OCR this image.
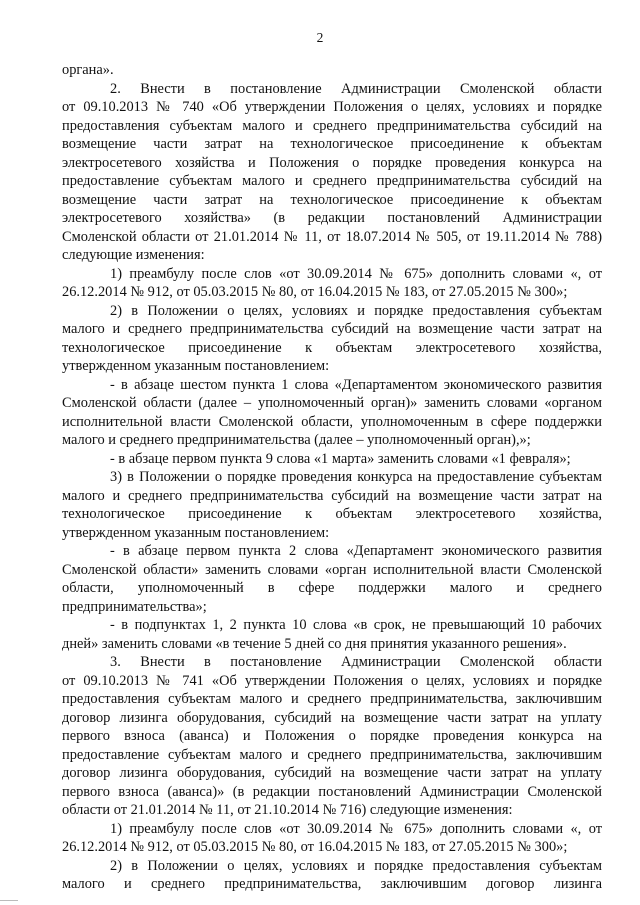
2
органа».
2. Внести в постановление Администрации Смоленской области
от 09.10.2013 № 740 «Об утверждении Положения о целях, условиях и порядке
предоставления субъектам малого и среднего предпринимательства субсидий на
возмещение части затрат на технологическое присоединение к объектам
электросетевого хозяйства и Положения о порядке проведения конкурса на
предоставление субъектам малого и среднего предпринимательства субсидий на
возмещение части затрат на технологическое присоединение к объектам
электросетевого хозяйства» (в редакции постановлений Администрации
Смоленской области от 21.01.2014 № 11, от 18.07.2014 № 505, от 19.11.2014 № 788)
следующие изменения:
1) преамбулу после слов «от 30.09.2014 № 675» дополнить словами «, от
26.12.2014 № 912, от 05.03.2015 № 80, от 16.04.2015 № 183, от 27.05.2015 № 300»;
2) в Положении о целях, условиях и порядке предоставления субъектам
малого и среднего предпринимательства субсидий на возмещение части затрат на
технологическое присоединение к объектам электросетевого хозяйства,
утвержденном указанным постановлением:
- в абзаце шестом пункта 1 слова «Департаментом экономического развития
Смоленской области (далее – уполномоченный орган)» заменить словами «органом
исполнительной власти Смоленской области, уполномоченным в сфере поддержки
малого и среднего предпринимательства (далее – уполномоченный орган),»;
- в абзаце первом пункта 9 слова «1 марта» заменить словами «1 февраля»;
3) в Положении о порядке проведения конкурса на предоставление субъектам
малого и среднего предпринимательства субсидий на возмещение части затрат на
технологическое присоединение к объектам электросетевого хозяйства,
утвержденном указанным постановлением:
- в абзаце первом пункта 2 слова «Департамент экономического развития
Смоленской области» заменить словами «орган исполнительной власти Смоленской
области, уполномоченный в сфере поддержки малого и среднего
предпринимательства»;
- в подпунктах 1, 2 пункта 10 слова «в срок, не превышающий 10 рабочих
дней» заменить словами «в течение 5 дней со дня принятия указанного решения».
3. Внести в постановление Администрации Смоленской области
от 09.10.2013 № 741 «Об утверждении Положения о целях, условиях и порядке
предоставления субъектам малого и среднего предпринимательства, заключившим
договор лизинга оборудования, субсидий на возмещение части затрат на уплату
первого взноса (аванса) и Положения о порядке проведения конкурса на
предоставление субъектам малого и среднего предпринимательства, заключившим
договор лизинга оборудования, субсидий на возмещение части затрат на уплату
первого взноса (аванса)» (в редакции постановлений Администрации Смоленской
области от 21.01.2014 № 11, от 21.10.2014 № 716) следующие изменения:
1) преамбулу после слов «от 30.09.2014 № 675» дополнить словами «, от
26.12.2014 № 912, от 05.03.2015 № 80, от 16.04.2015 № 183, от 27.05.2015 № 300»;
2) в Положении о целях, условиях и порядке предоставления субъектам
малого и среднего предпринимательства, заключившим договор лизинга
